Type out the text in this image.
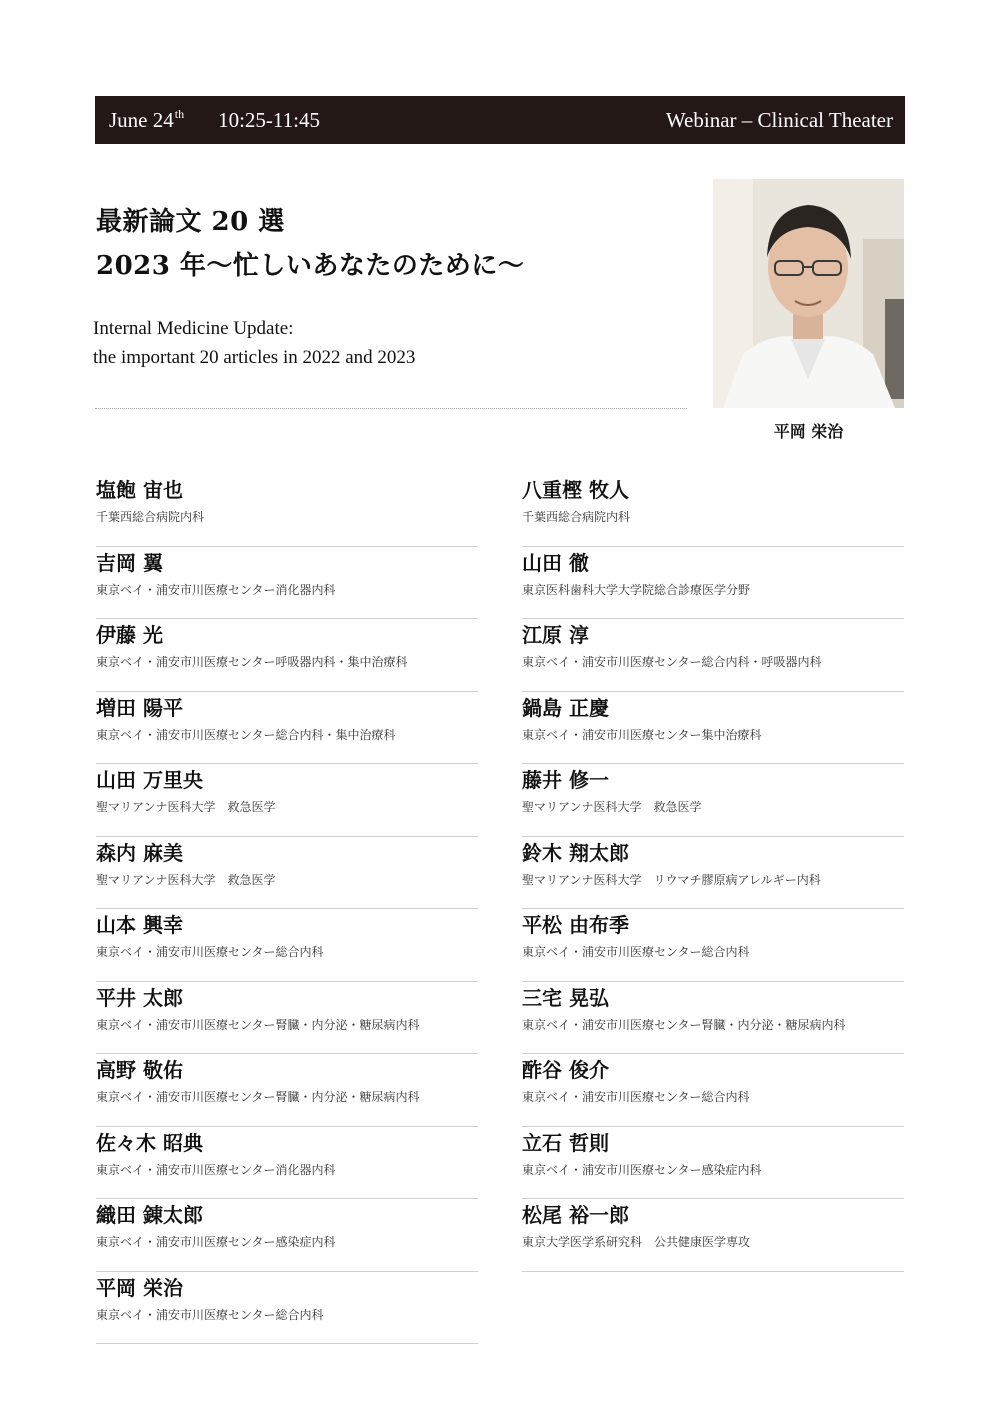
June 24th 10:25-11:45	Webinar – Clinical Theater
最新論文 20 選
2023 年〜忙しいあなたのために〜
Internal Medicine Update:
the important 20 articles in 2022 and 2023
平岡 栄治
塩飽 宙也
千葉西総合病院内科
吉岡 翼
東京ベイ・浦安市川医療センター消化器内科
伊藤 光
東京ベイ・浦安市川医療センター呼吸器内科・集中治療科
増田 陽平
東京ベイ・浦安市川医療センター総合内科・集中治療科
山田 万里央
聖マリアンナ医科大学　救急医学
森内 麻美
聖マリアンナ医科大学　救急医学
山本 興幸
東京ベイ・浦安市川医療センター総合内科
平井 太郎
東京ベイ・浦安市川医療センター腎臓・内分泌・糖尿病内科
高野 敬佑
東京ベイ・浦安市川医療センター腎臓・内分泌・糖尿病内科
佐々木 昭典
東京ベイ・浦安市川医療センター消化器内科
織田 錬太郎
東京ベイ・浦安市川医療センター感染症内科
平岡 栄治
東京ベイ・浦安市川医療センター総合内科
八重樫 牧人
千葉西総合病院内科
山田 徹
東京医科歯科大学大学院総合診療医学分野
江原 淳
東京ベイ・浦安市川医療センター総合内科・呼吸器内科
鍋島 正慶
東京ベイ・浦安市川医療センター集中治療科
藤井 修一
聖マリアンナ医科大学　救急医学
鈴木 翔太郎
聖マリアンナ医科大学　リウマチ膠原病アレルギー内科
平松 由布季
東京ベイ・浦安市川医療センター総合内科
三宅 晃弘
東京ベイ・浦安市川医療センター腎臓・内分泌・糖尿病内科
酢谷 俊介
東京ベイ・浦安市川医療センター総合内科
立石 哲則
東京ベイ・浦安市川医療センター感染症内科
松尾 裕一郎
東京大学医学系研究科　公共健康医学専攻
